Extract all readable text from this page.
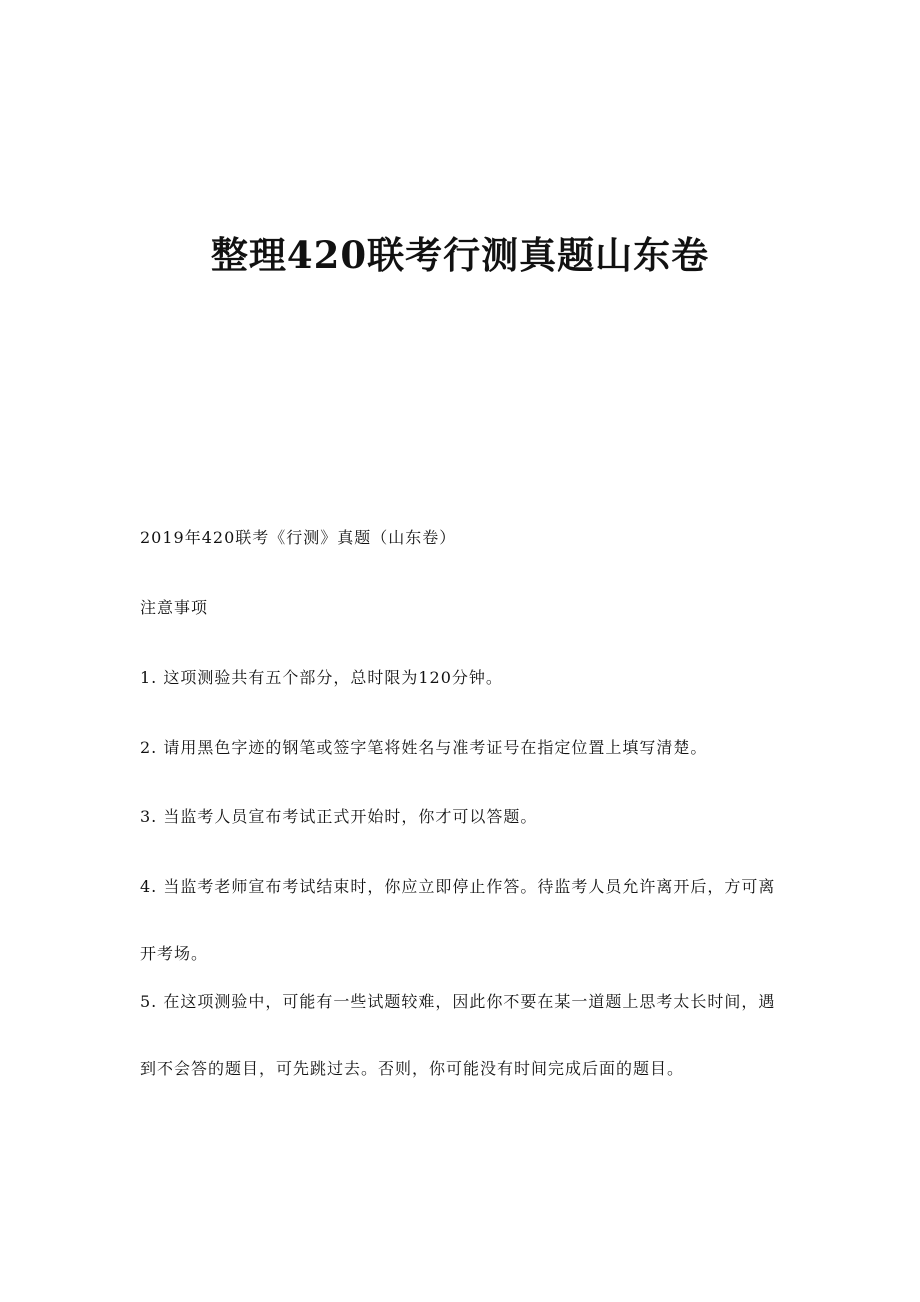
整理420联考行测真题山东卷

2019年420联考《行测》真题（山东卷）

注意事项

1. 这项测验共有五个部分，总时限为120分钟。

2. 请用黑色字迹的钢笔或签字笔将姓名与准考证号在指定位置上填写清楚。

3. 当监考人员宣布考试正式开始时，你才可以答题。

4. 当监考老师宣布考试结束时，你应立即停止作答。待监考人员允许离开后，方可离开考场。

5. 在这项测验中，可能有一些试题较难，因此你不要在某一道题上思考太长时间，遇到不会答的题目，可先跳过去。否则，你可能没有时间完成后面的题目。
